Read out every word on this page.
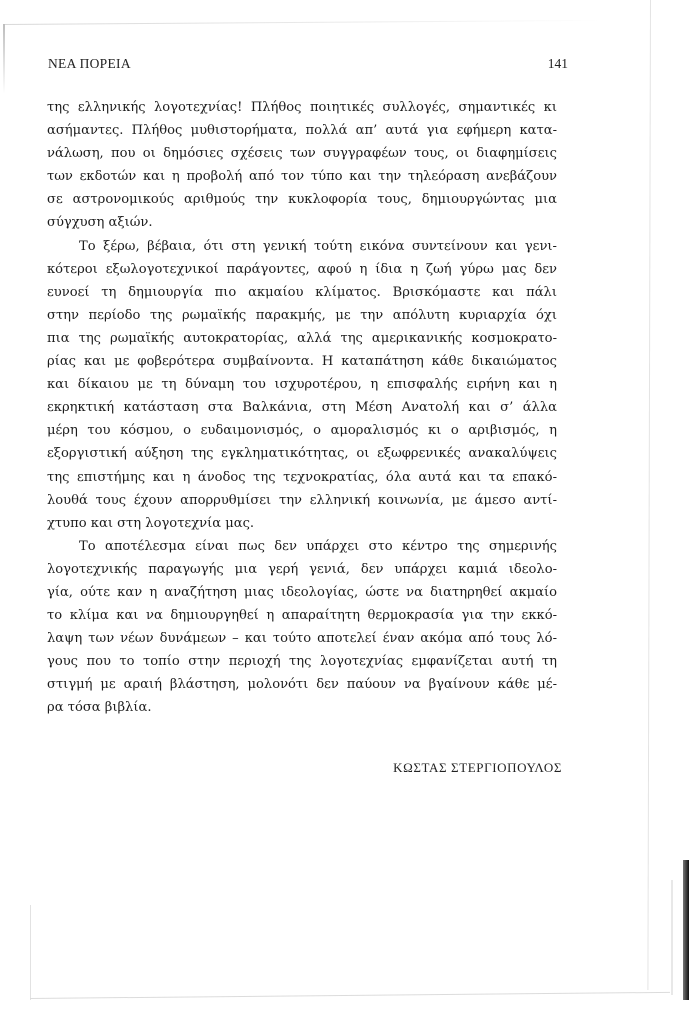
ΝΕΑ ΠΟΡΕΙΑ	141
της ελληνικής λογοτεχνίας! Πλήθος ποιητικές συλλογές, σημαντικές κι
ασήμαντες. Πλήθος μυθιστορήματα, πολλά απ’ αυτά για εφήμερη κατα-
νάλωση, που οι δημόσιες σχέσεις των συγγραφέων τους, οι διαφημίσεις
των εκδοτών και η προβολή από τον τύπο και την τηλεόραση ανεβάζουν
σε αστρονομικούς αριθμούς την κυκλοφορία τους, δημιουργώντας μια
σύγχυση αξιών.
Το ξέρω, βέβαια, ότι στη γενική τούτη εικόνα συντείνουν και γενι-
κότεροι εξωλογοτεχνικοί παράγοντες, αφού η ίδια η ζωή γύρω μας δεν
ευνοεί τη δημιουργία πιο ακμαίου κλίματος. Βρισκόμαστε και πάλι
στην περίοδο της ρωμαϊκής παρακμής, με την απόλυτη κυριαρχία όχι
πια της ρωμαϊκής αυτοκρατορίας, αλλά της αμερικανικής κοσμοκρατο-
ρίας και με φοβερότερα συμβαίνοντα. Η καταπάτηση κάθε δικαιώματος
και δίκαιου με τη δύναμη του ισχυροτέρου, η επισφαλής ειρήνη και η
εκρηκτική κατάσταση στα Βαλκάνια, στη Μέση Ανατολή και σ’ άλλα
μέρη του κόσμου, ο ευδαιμονισμός, ο αμοραλισμός κι ο αριβισμός, η
εξοργιστική αύξηση της εγκληματικότητας, οι εξωφρενικές ανακαλύψεις
της επιστήμης και η άνοδος της τεχνοκρατίας, όλα αυτά και τα επακό-
λουθά τους έχουν απορρυθμίσει την ελληνική κοινωνία, με άμεσο αντί-
χτυπο και στη λογοτεχνία μας.
Το αποτέλεσμα είναι πως δεν υπάρχει στο κέντρο της σημερινής
λογοτεχνικής παραγωγής μια γερή γενιά, δεν υπάρχει καμιά ιδεολο-
γία, ούτε καν η αναζήτηση μιας ιδεολογίας, ώστε να διατηρηθεί ακμαίο
το κλίμα και να δημιουργηθεί η απαραίτητη θερμοκρασία για την εκκό-
λαψη των νέων δυνάμεων – και τούτο αποτελεί έναν ακόμα από τους λό-
γους που το τοπίο στην περιοχή της λογοτεχνίας εμφανίζεται αυτή τη
στιγμή με αραιή βλάστηση, μολονότι δεν παύουν να βγαίνουν κάθε μέ-
ρα τόσα βιβλία.
ΚΩΣΤΑΣ ΣΤΕΡΓΙΟΠΟΥΛΟΣ
